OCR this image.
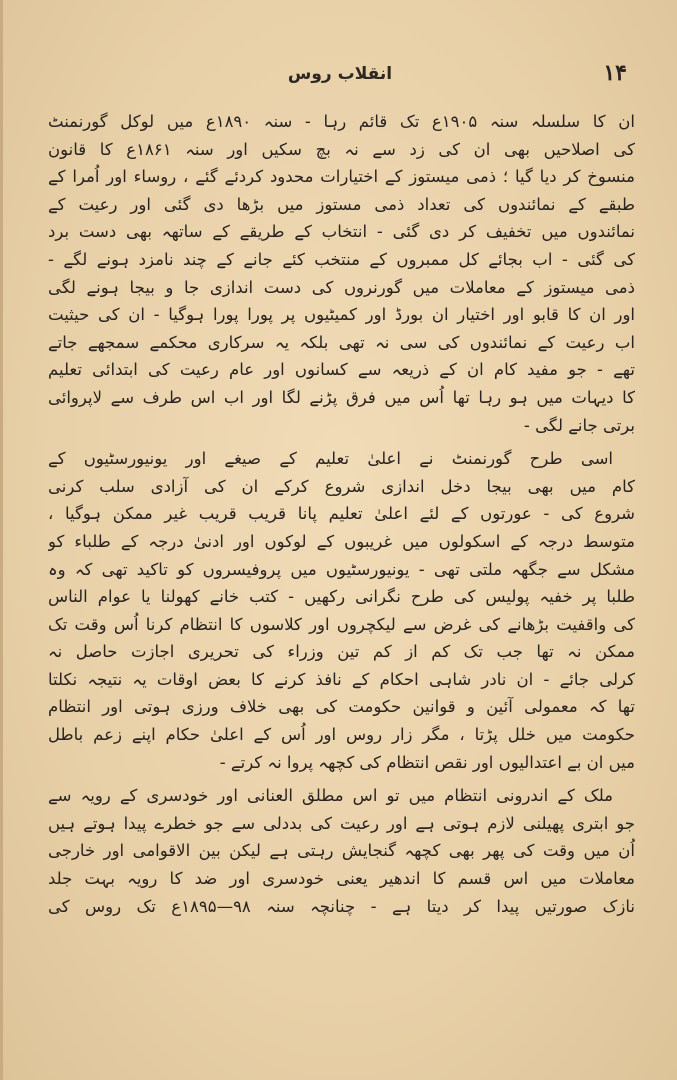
۱۴
انقلاب روس
ان کا سلسلہ سنہ ۱۹۰۵ع تک قائم رہا - سنہ ۱۸۹۰ع میں لوکل گورنمنٹ
کی اصلاحیں بھی ان کی زد سے نہ بچ سکیں اور سنہ ۱۸۶۱ع کا قانون
منسوخ کر دیا گیا ؛ ذمی میستوز کے اختیارات محدود کردئے گئے ، روساء اور اُمرا کے
طبقے کے نمائندوں کی تعداد ذمی مستوز میں بڑھا دی گئی اور رعیت کے
نمائندوں میں تخفیف کر دی گئی - انتخاب کے طریقے کے ساتھہ بھی دست برد
کی گئی - اب بجائے کل ممبروں کے منتخب کئے جانے کے چند نامزد ہونے لگے -
ذمی میستوز کے معاملات میں گورنروں کی دست اندازی جا و بیجا ہونے لگی
اور ان کا قابو اور اختیار ان بورڈ اور کمیٹیوں پر پورا پورا ہوگیا - ان کی حیثیت
اب رعیت کے نمائندوں کی سی نہ تھی بلکہ یہ سرکاری محکمے سمجھے جاتے
تھے - جو مفید کام ان کے ذریعہ سے کسانوں اور عام رعیت کی ابتدائی تعلیم
کا دیہات میں ہو رہا تھا اُس میں فرق پڑنے لگا اور اب اس طرف سے لاپروائی
برتی جانے لگی -
اسی طرح گورنمنٹ نے اعلیٰ تعلیم کے صیغے اور یونیورسٹیوں کے
کام میں بھی بیجا دخل اندازی شروع کرکے ان کی آزادی سلب کرنی
شروع کی - عورتوں کے لئے اعلیٰ تعلیم پانا قریب قریب غیر ممکن ہوگیا ،
متوسط درجہ کے اسکولوں میں غریبوں کے لوکوں اور ادنیٰ درجہ کے طلباء کو
مشکل سے جگھہ ملتی تھی - یونیورسٹیوں میں پروفیسروں کو تاکید تھی کہ وہ
طلبا پر خفیہ پولیس کی طرح نگرانی رکھیں - کتب خانے کھولنا یا عوام الناس
کی واقفیت بڑھانے کی غرض سے لیکچروں اور کلاسوں کا انتظام کرنا اُس وقت تک
ممکن نہ تھا جب تک کم از کم تین وزراء کی تحریری اجازت حاصل نہ
کرلی جائے - ان نادر شاہی احکام کے نافذ کرنے کا بعض اوقات یہ نتیجہ نکلتا
تھا کہ معمولی آئین و قوانین حکومت کی بھی خلاف ورزی ہوتی اور انتظام
حکومت میں خلل پڑتا ، مگر زار روس اور اُس کے اعلیٰ حکام اپنے زعم باطل
میں ان بے اعتدالیوں اور نقص انتظام کی کچھہ پروا نہ کرتے -
ملک کے اندرونی انتظام میں تو اس مطلق العنانی اور خودسری کے رویہ سے
جو ابتری پھیلنی لازم ہوتی ہے اور رعیت کی بددلی سے جو خطرے پیدا ہوتے ہیں
اُن میں وقت کی پھر بھی کچھہ گنجایش رہتی ہے لیکن بین الاقوامی اور خارجی
معاملات میں اس قسم کا اندھیر یعنی خودسری اور ضد کا رویہ بہت جلد
نازک صورتیں پیدا کر دیتا ہے - چنانچہ سنہ ۹۸—۱۸۹۵ع تک روس کی
